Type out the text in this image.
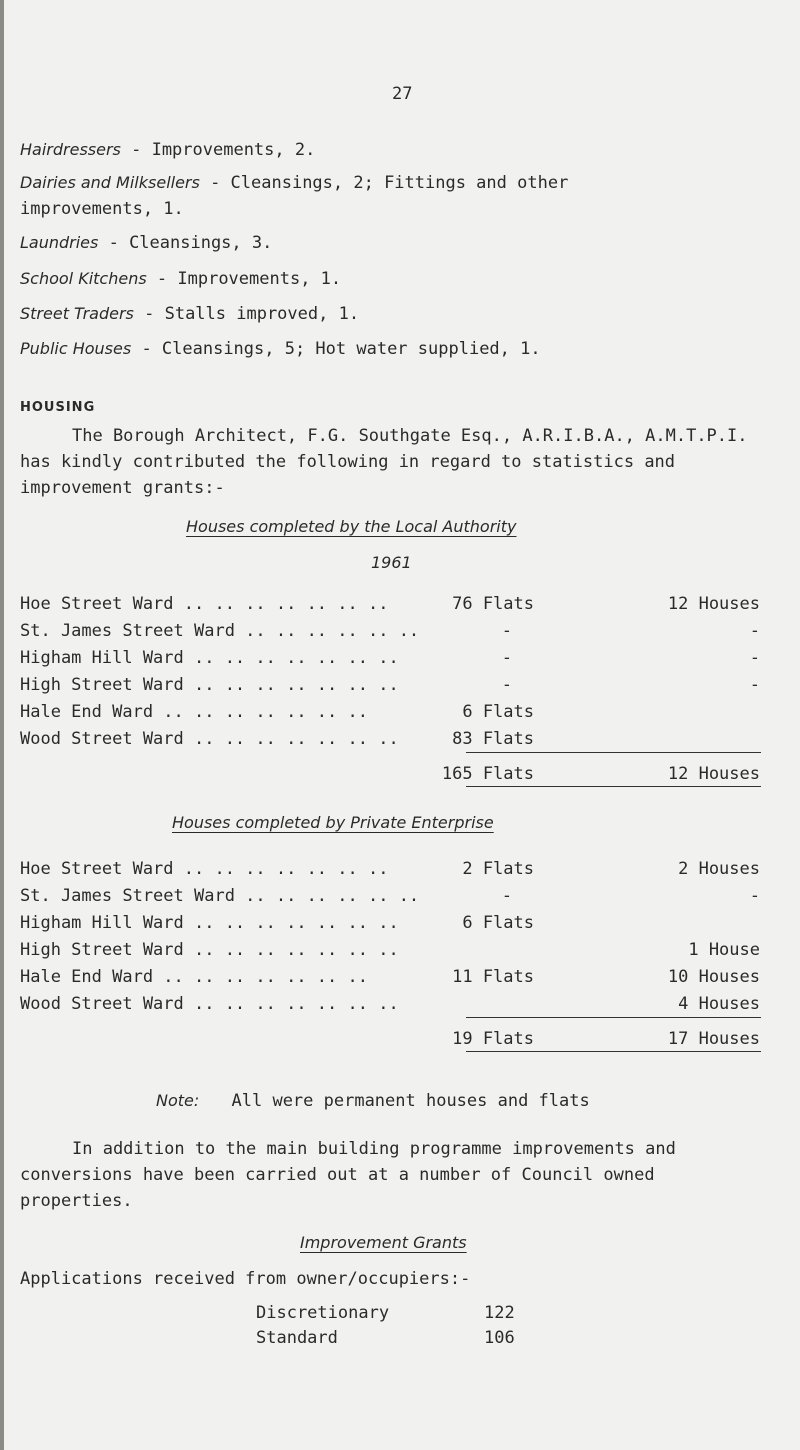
27
Hairdressers - Improvements, 2.
Dairies and Milksellers - Cleansings, 2; Fittings and other
improvements, 1.
Laundries - Cleansings, 3.
School Kitchens - Improvements, 1.
Street Traders - Stalls improved, 1.
Public Houses - Cleansings, 5; Hot water supplied, 1.
HOUSING
The Borough Architect, F.G. Southgate Esq., A.R.I.B.A., A.M.T.P.I.
has kindly contributed the following in regard to statistics and
improvement grants:-
Houses completed by the Local Authority
1961
Hoe Street Ward .. .. .. .. .. .. ..	76 Flats	12 Houses
St. James Street Ward .. .. .. .. .. ..	-	-
Higham Hill Ward .. .. .. .. .. .. ..	-	-
High Street Ward .. .. .. .. .. .. ..	-	-
Hale End Ward .. .. .. .. .. .. ..	6 Flats
Wood Street Ward .. .. .. .. .. .. ..	83 Flats
165 Flats	12 Houses
Houses completed by Private Enterprise
Hoe Street Ward .. .. .. .. .. .. ..	2 Flats	2 Houses
St. James Street Ward .. .. .. .. .. ..	-	-
Higham Hill Ward .. .. .. .. .. .. ..	6 Flats
High Street Ward .. .. .. .. .. .. ..	1 House
Hale End Ward .. .. .. .. .. .. ..	11 Flats	10 Houses
Wood Street Ward .. .. .. .. .. .. ..	4 Houses
19 Flats	17 Houses
Note: All were permanent houses and flats
In addition to the main building programme improvements and
conversions have been carried out at a number of Council owned
properties.
Improvement Grants
Applications received from owner/occupiers:-
Discretionary	122
Standard	106
